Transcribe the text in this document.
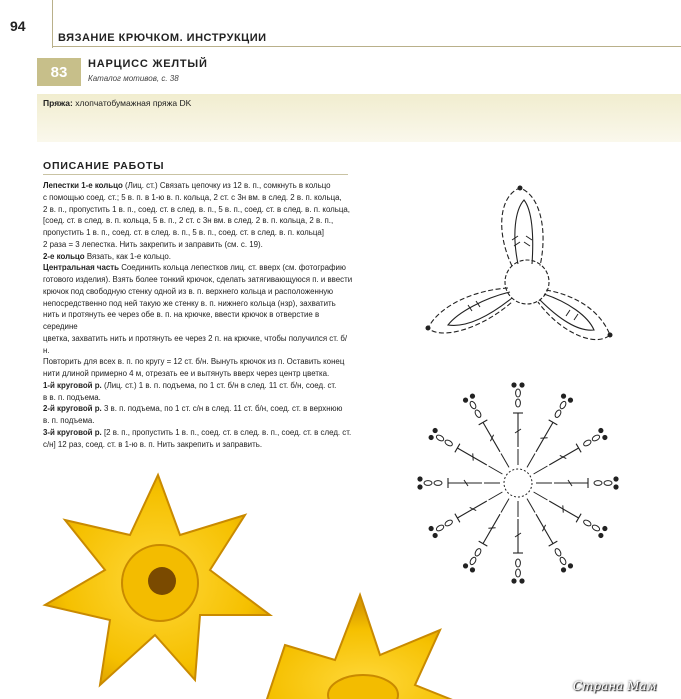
94
ВЯЗАНИЕ КРЮЧКОМ. ИНСТРУКЦИИ
83	НАРЦИСС ЖЕЛТЫЙ
Каталог мотивов, с. 38
Пряжа: хлопчатобумажная пряжа DK
ОПИСАНИЕ РАБОТЫ

Лепестки 1-е кольцо (Лиц. ст.) Связать цепочку из 12 в. п., сомкнуть в кольцо

с помощью соед. ст.; 5 в. п. в 1-ю в. п. кольца, 2 ст. с 3н вм. в след. 2 в. п. кольца,

2 в. п., пропустить 1 в. п., соед. ст. в след. в. п., 5 в. п., соед. ст. в след. в. п. кольца,

[соед. ст. в след. в. п. кольца, 5 в. п., 2 ст. с 3н вм. в след. 2 в. п. кольца, 2 в. п.,

пропустить 1 в. п., соед. ст. в след. в. п., 5 в. п., соед. ст. в след. в. п. кольца]

2 раза = 3 лепестка. Нить закрепить и заправить (см. с. 19).

2-е кольцо Вязать, как 1-е кольцо.

Центральная часть Соединить кольца лепестков лиц. ст. вверх (см. фотографию

готового изделия). Взять более тонкий крючок, сделать затягивающуюся п. и ввести

крючок под свободную стенку одной из в. п. верхнего кольца и расположенную

непосредственно под ней такую же стенку в. п. нижнего кольца (нзр), захватить

нить и протянуть ее через обе в. п. на крючке, ввести крючок в отверстие в середине

цветка, захватить нить и протянуть ее через 2 п. на крючке, чтобы получился ст. б/н.

Повторить для всех в. п. по кругу = 12 ст. б/н. Вынуть крючок из п. Оставить конец

нити длиной примерно 4 м, отрезать ее и вытянуть вверх через центр цветка.

1-й круговой р. (Лиц. ст.) 1 в. п. подъема, по 1 ст. б/н в след. 11 ст. б/н, соед. ст.

в в. п. подъема.

2-й круговой р. 3 в. п. подъема, по 1 ст. с/н в след. 11 ст. б/н, соед. ст. в верхнюю

в. п. подъема.

3-й круговой р. [2 в. п., пропустить 1 в. п., соед. ст. в след. в. п., соед. ст. в след. ст.

с/н] 12 раз, соед. ст. в 1-ю в. п. Нить закрепить и заправить.

Страна Мам
